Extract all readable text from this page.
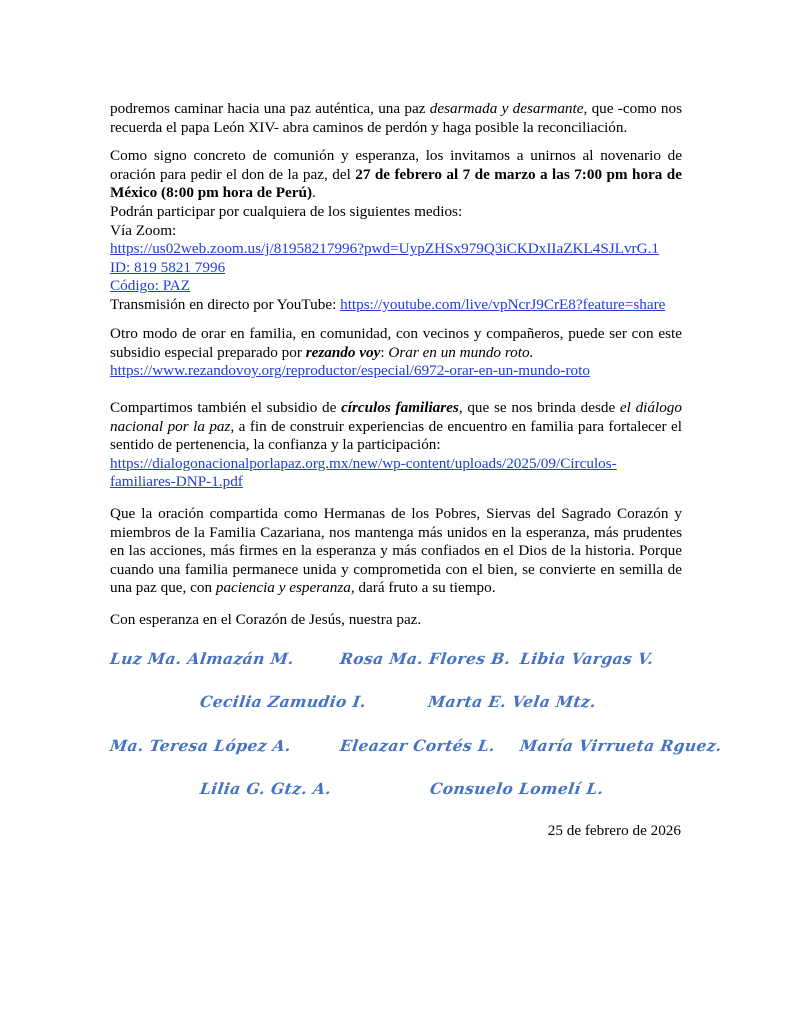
podremos caminar hacia una paz auténtica, una paz desarmada y desarmante, que -como nos recuerda el papa León XIV- abra caminos de perdón y haga posible la reconciliación.

Como signo concreto de comunión y esperanza, los invitamos a unirnos al novenario de oración para pedir el don de la paz, del 27 de febrero al 7 de marzo a las 7:00 pm hora de México (8:00 pm hora de Perú).

Podrán participar por cualquiera de los siguientes medios:
Vía Zoom:
https://us02web.zoom.us/j/81958217996?pwd=UypZHSx979Q3iCKDxIIaZKL4SJLvrG.1
ID: 819 5821 7996
Código: PAZ
Transmisión en directo por YouTube: https://youtube.com/live/vpNcrJ9CrE8?feature=share

Otro modo de orar en familia, en comunidad, con vecinos y compañeros, puede ser con este subsidio especial preparado por rezando voy: Orar en un mundo roto.
https://www.rezandovoy.org/reproductor/especial/6972-orar-en-un-mundo-roto

Compartimos también el subsidio de círculos familiares, que se nos brinda desde el diálogo nacional por la paz, a fin de construir experiencias de encuentro en familia para fortalecer el sentido de pertenencia, la confianza y la participación:

https://dialogonacionalporlapaz.org.mx/new/wp-content/uploads/2025/09/Circulos-
familiares-DNP-1.pdf

Que la oración compartida como Hermanas de los Pobres, Siervas del Sagrado Corazón y miembros de la Familia Cazariana, nos mantenga más unidos en la esperanza, más prudentes en las acciones, más firmes en la esperanza y más confiados en el Dios de la historia. Porque cuando una familia permanece unida y comprometida con el bien, se convierte en semilla de una paz que, con paciencia y esperanza, dará fruto a su tiempo.

Con esperanza en el Corazón de Jesús, nuestra paz.

Luz Ma. Almazán M.	Rosa Ma. Flores B. Libia Vargas V.
Cecilia Zamudio I.	Marta E. Vela Mtz.
Ma. Teresa López A.	Eleazar Cortés L. María Virrueta Rguez.
Lilia G. Gtz. A.	Consuelo Lomelí L.
25 de febrero de 2026
